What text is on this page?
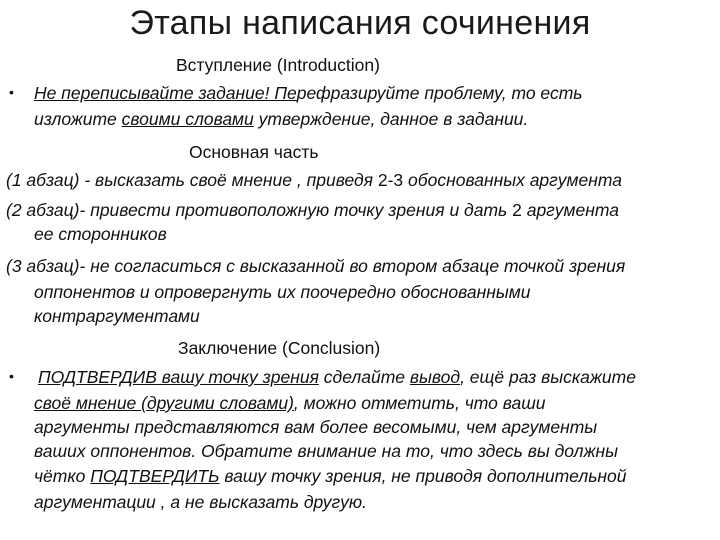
Этапы написания сочинения
Вступление (Introduction)
• Не переписывайте задание! Перефразируйте проблему, то есть
изложите своими словами утверждение, данное в задании.
Основная часть
(1 абзац) - высказать своё мнение , приведя 2-3 обоснованных аргумента
(2 абзац)- привести противоположную точку зрения и дать 2 аргумента
ее сторонников
(3 абзац)- не согласиться с высказанной во втором абзаце точкой зрения
оппонентов и опровергнуть их поочередно обоснованными
контраргументами
Заключение (Conclusion)
• ПОДТВЕРДИВ вашу точку зрения сделайте вывод, ещё раз выскажите
своё мнение (другими словами), можно отметить, что ваши
аргументы представляются вам более весомыми, чем аргументы
ваших оппонентов. Обратите внимание на то, что здесь вы должны
чётко ПОДТВЕРДИТЬ вашу точку зрения, не приводя дополнительной
аргументации , а не высказать другую.
